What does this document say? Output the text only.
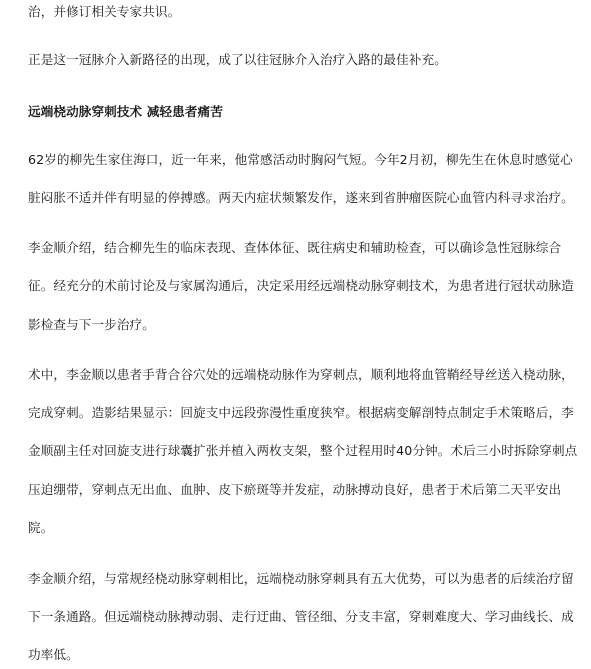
治，并修订相关专家共识。
正是这一冠脉介入新路径的出现，成了以往冠脉介入治疗入路的最佳补充。
远端桡动脉穿刺技术 减轻患者痛苦
62岁的柳先生家住海口，近一年来，他常感活动时胸闷气短。今年2月初，柳先生在休息时感觉心
脏闷胀不适并伴有明显的停搏感。两天内症状频繁发作，遂来到省肿瘤医院心血管内科寻求治疗。
李金顺介绍，结合柳先生的临床表现、查体体征、既往病史和辅助检查，可以确诊急性冠脉综合
征。经充分的术前讨论及与家属沟通后，决定采用经远端桡动脉穿刺技术，为患者进行冠状动脉造
影检查与下一步治疗。
术中，李金顺以患者手背合谷穴处的远端桡动脉作为穿刺点，顺利地将血管鞘经导丝送入桡动脉，
完成穿刺。造影结果显示：回旋支中远段弥漫性重度狭窄。根据病变解剖特点制定手术策略后，李
金顺副主任对回旋支进行球囊扩张并植入两枚支架，整个过程用时40分钟。术后三小时拆除穿刺点
压迫绷带，穿刺点无出血、血肿、皮下瘀斑等并发症，动脉搏动良好，患者于术后第二天平安出
院。
李金顺介绍，与常规经桡动脉穿刺相比，远端桡动脉穿刺具有五大优势，可以为患者的后续治疗留
下一条通路。但远端桡动脉搏动弱、走行迂曲、管径细、分支丰富，穿刺难度大、学习曲线长、成
功率低。
